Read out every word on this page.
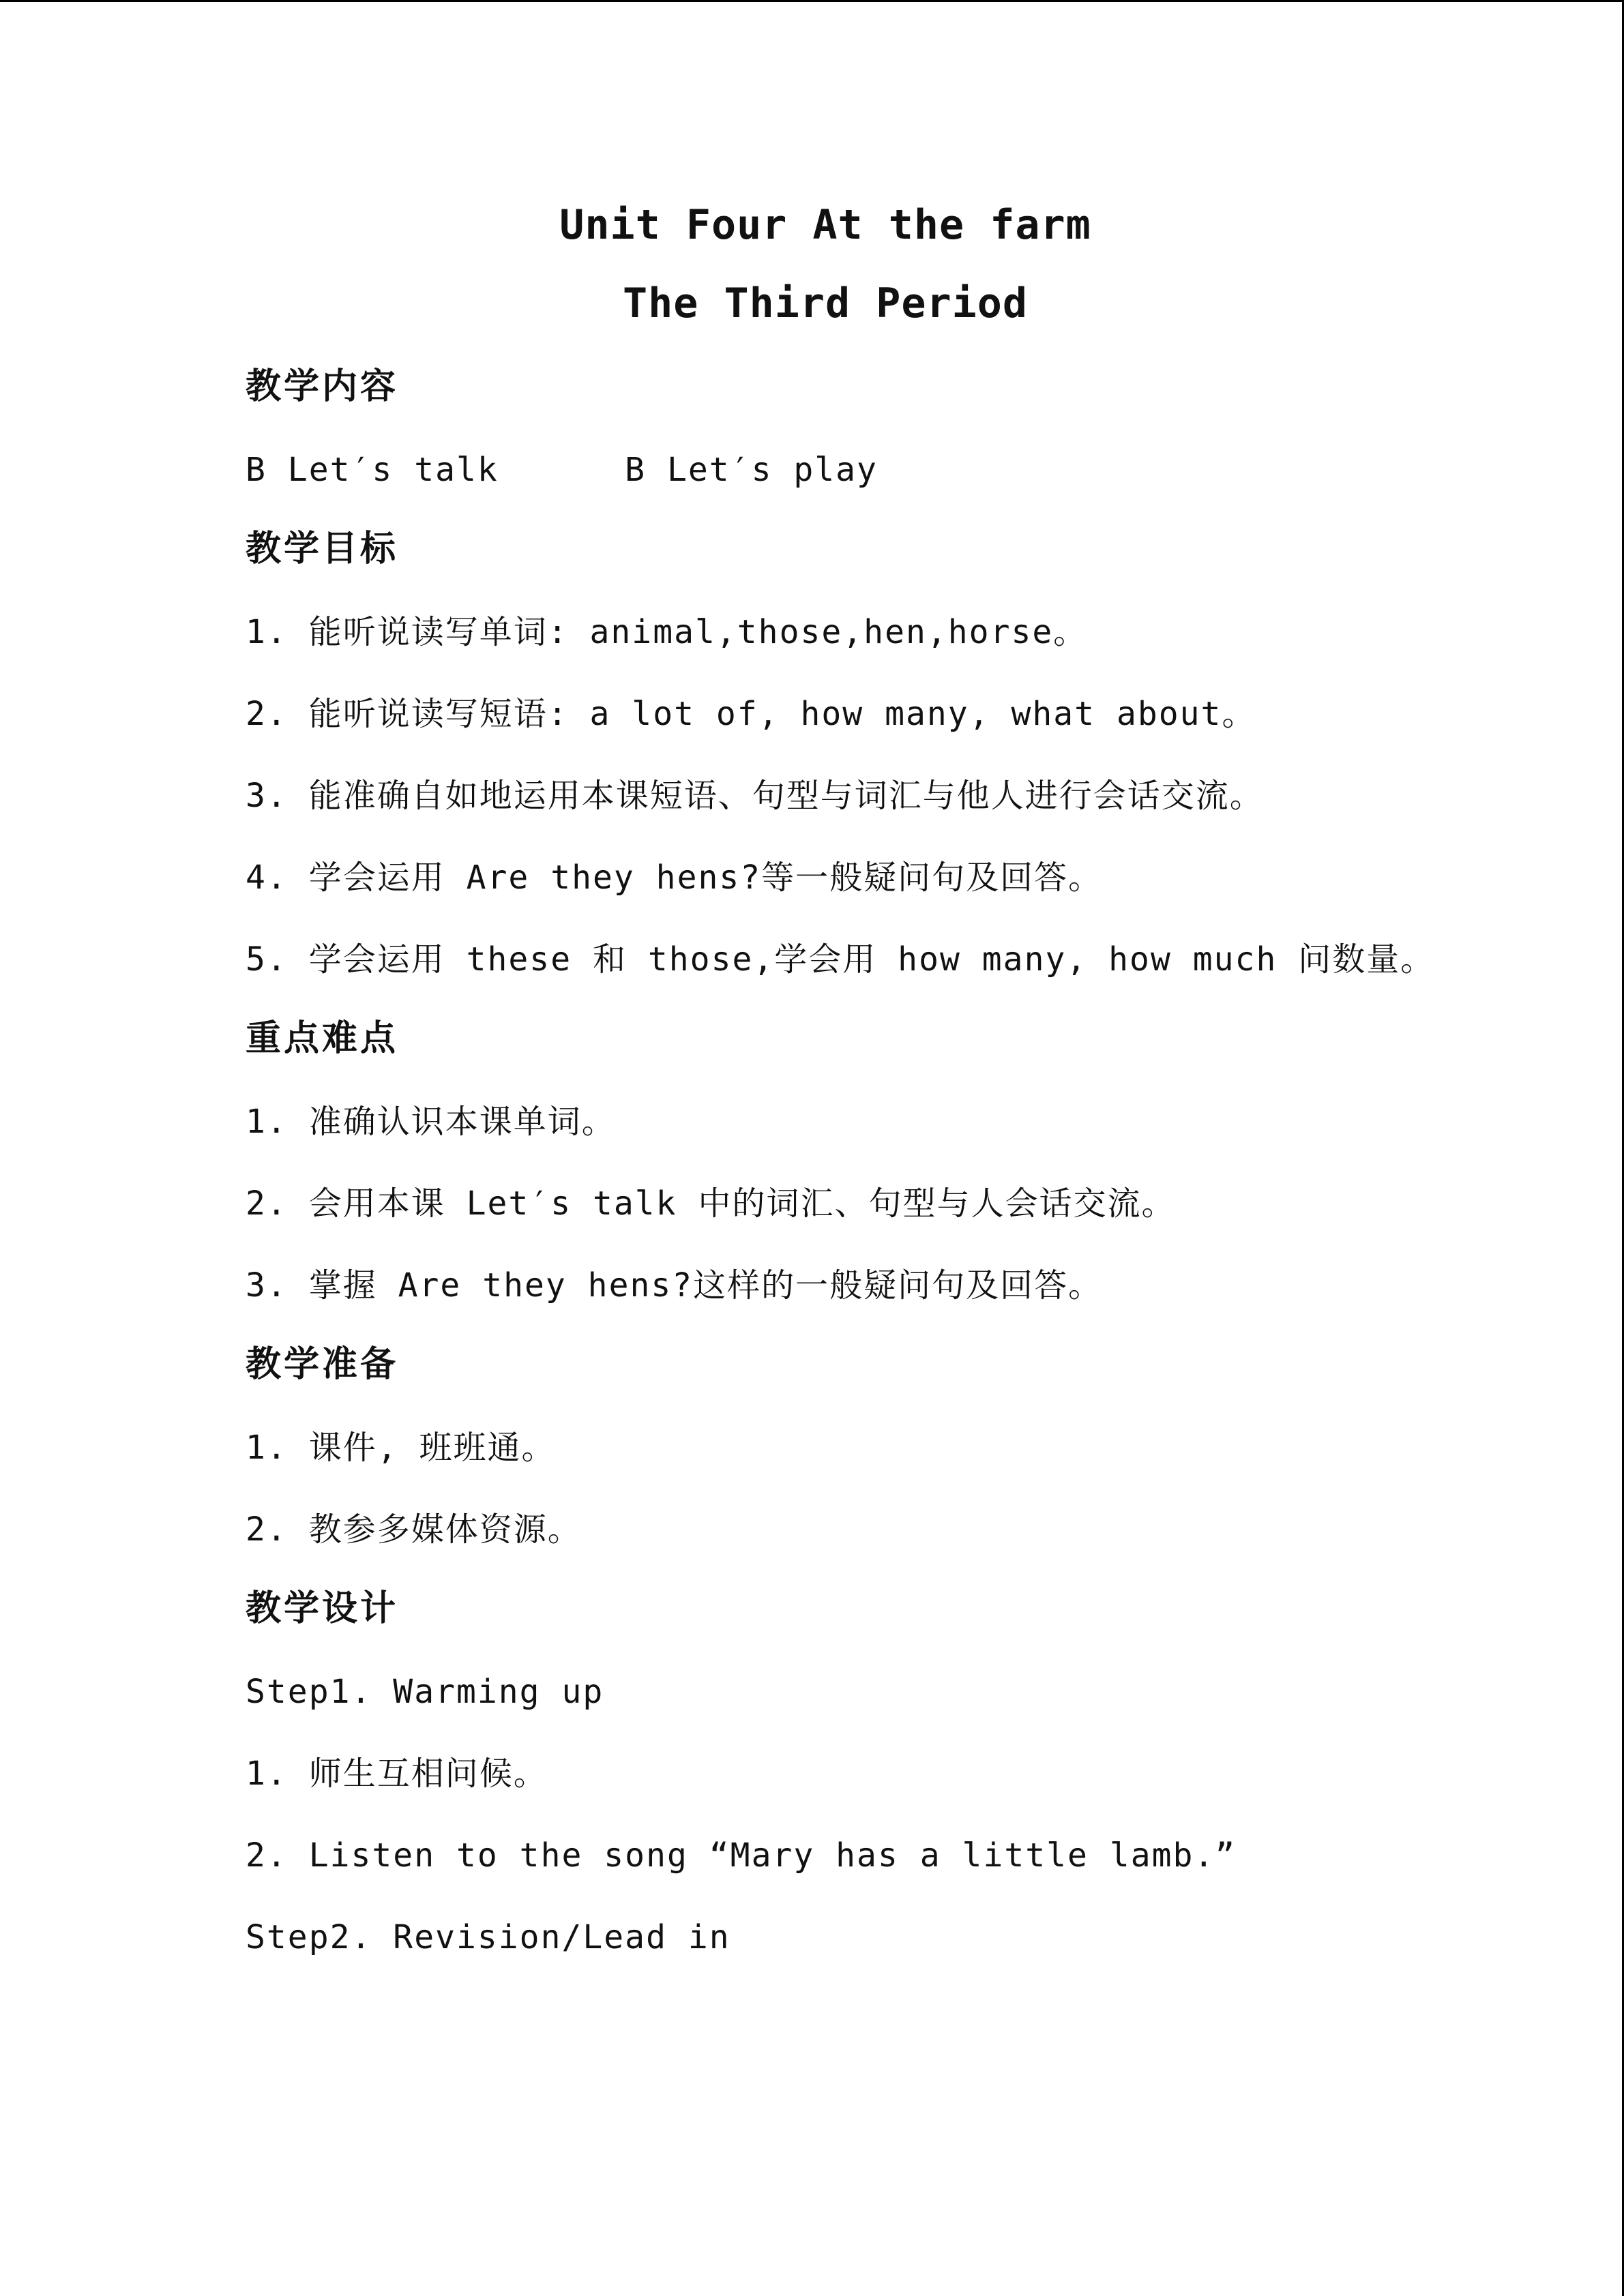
Unit Four At the farm

The Third Period

教学内容

B Let′s talk      B Let′s play

教学目标

1. 能听说读写单词: animal,those,hen,horse。

2. 能听说读写短语: a lot of, how many, what about。

3. 能准确自如地运用本课短语、句型与词汇与他人进行会话交流。

4. 学会运用 Are they hens?等一般疑问句及回答。

5. 学会运用 these 和 those,学会用 how many, how much 问数量。

重点难点

1. 准确认识本课单词。

2. 会用本课 Let′s talk 中的词汇、句型与人会话交流。

3. 掌握 Are they hens?这样的一般疑问句及回答。

教学准备

1. 课件, 班班通。

2. 教参多媒体资源。

教学设计

Step1. Warming up

1. 师生互相问候。

2. Listen to the song “Mary has a little lamb.”

Step2. Revision/Lead in
